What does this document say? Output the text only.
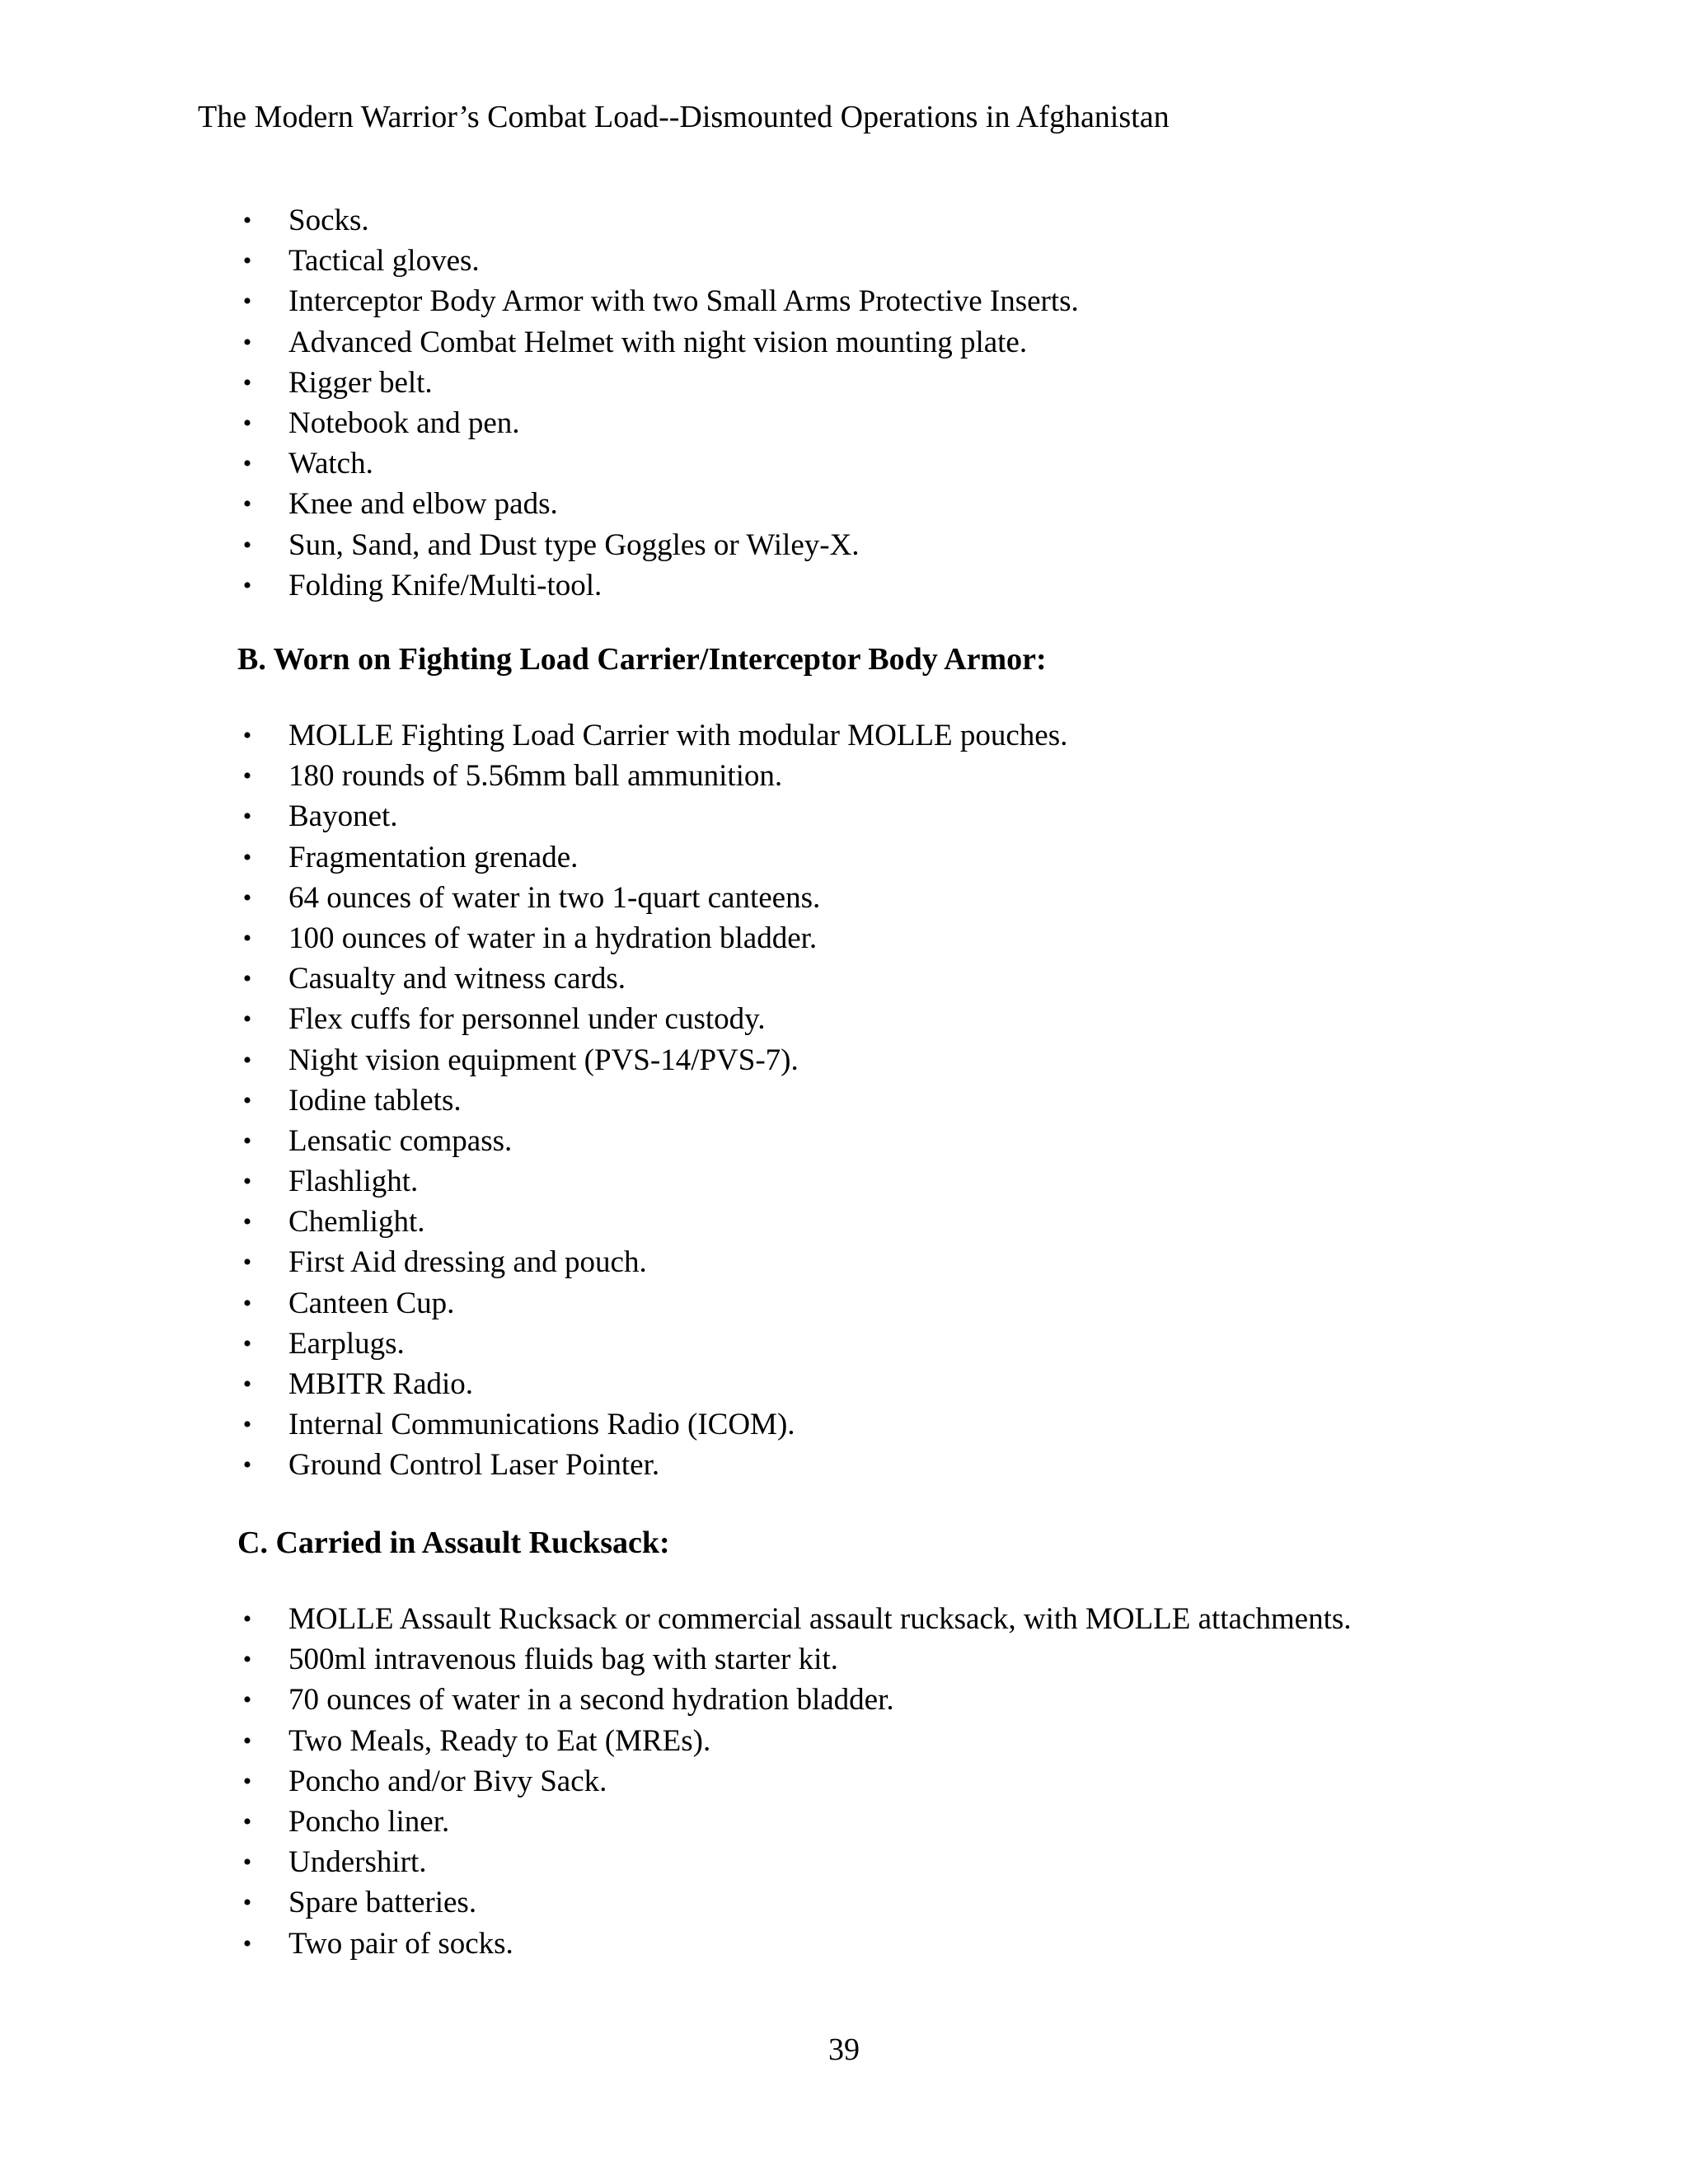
The Modern Warrior’s Combat Load--Dismounted Operations in Afghanistan
• Socks.
• Tactical gloves.
• Interceptor Body Armor with two Small Arms Protective Inserts.
• Advanced Combat Helmet with night vision mounting plate.
• Rigger belt.
• Notebook and pen.
• Watch.
• Knee and elbow pads.
• Sun, Sand, and Dust type Goggles or Wiley-X.
• Folding Knife/Multi-tool.
B. Worn on Fighting Load Carrier/Interceptor Body Armor:
• MOLLE Fighting Load Carrier with modular MOLLE pouches.
• 180 rounds of 5.56mm ball ammunition.
• Bayonet.
• Fragmentation grenade.
• 64 ounces of water in two 1-quart canteens.
• 100 ounces of water in a hydration bladder.
• Casualty and witness cards.
• Flex cuffs for personnel under custody.
• Night vision equipment (PVS-14/PVS-7).
• Iodine tablets.
• Lensatic compass.
• Flashlight.
• Chemlight.
• First Aid dressing and pouch.
• Canteen Cup.
• Earplugs.
• MBITR Radio.
• Internal Communications Radio (ICOM).
• Ground Control Laser Pointer.
C. Carried in Assault Rucksack:
• MOLLE Assault Rucksack or commercial assault rucksack, with MOLLE attachments.
• 500ml intravenous fluids bag with starter kit.
• 70 ounces of water in a second hydration bladder.
• Two Meals, Ready to Eat (MREs).
• Poncho and/or Bivy Sack.
• Poncho liner.
• Undershirt.
• Spare batteries.
• Two pair of socks.
39
